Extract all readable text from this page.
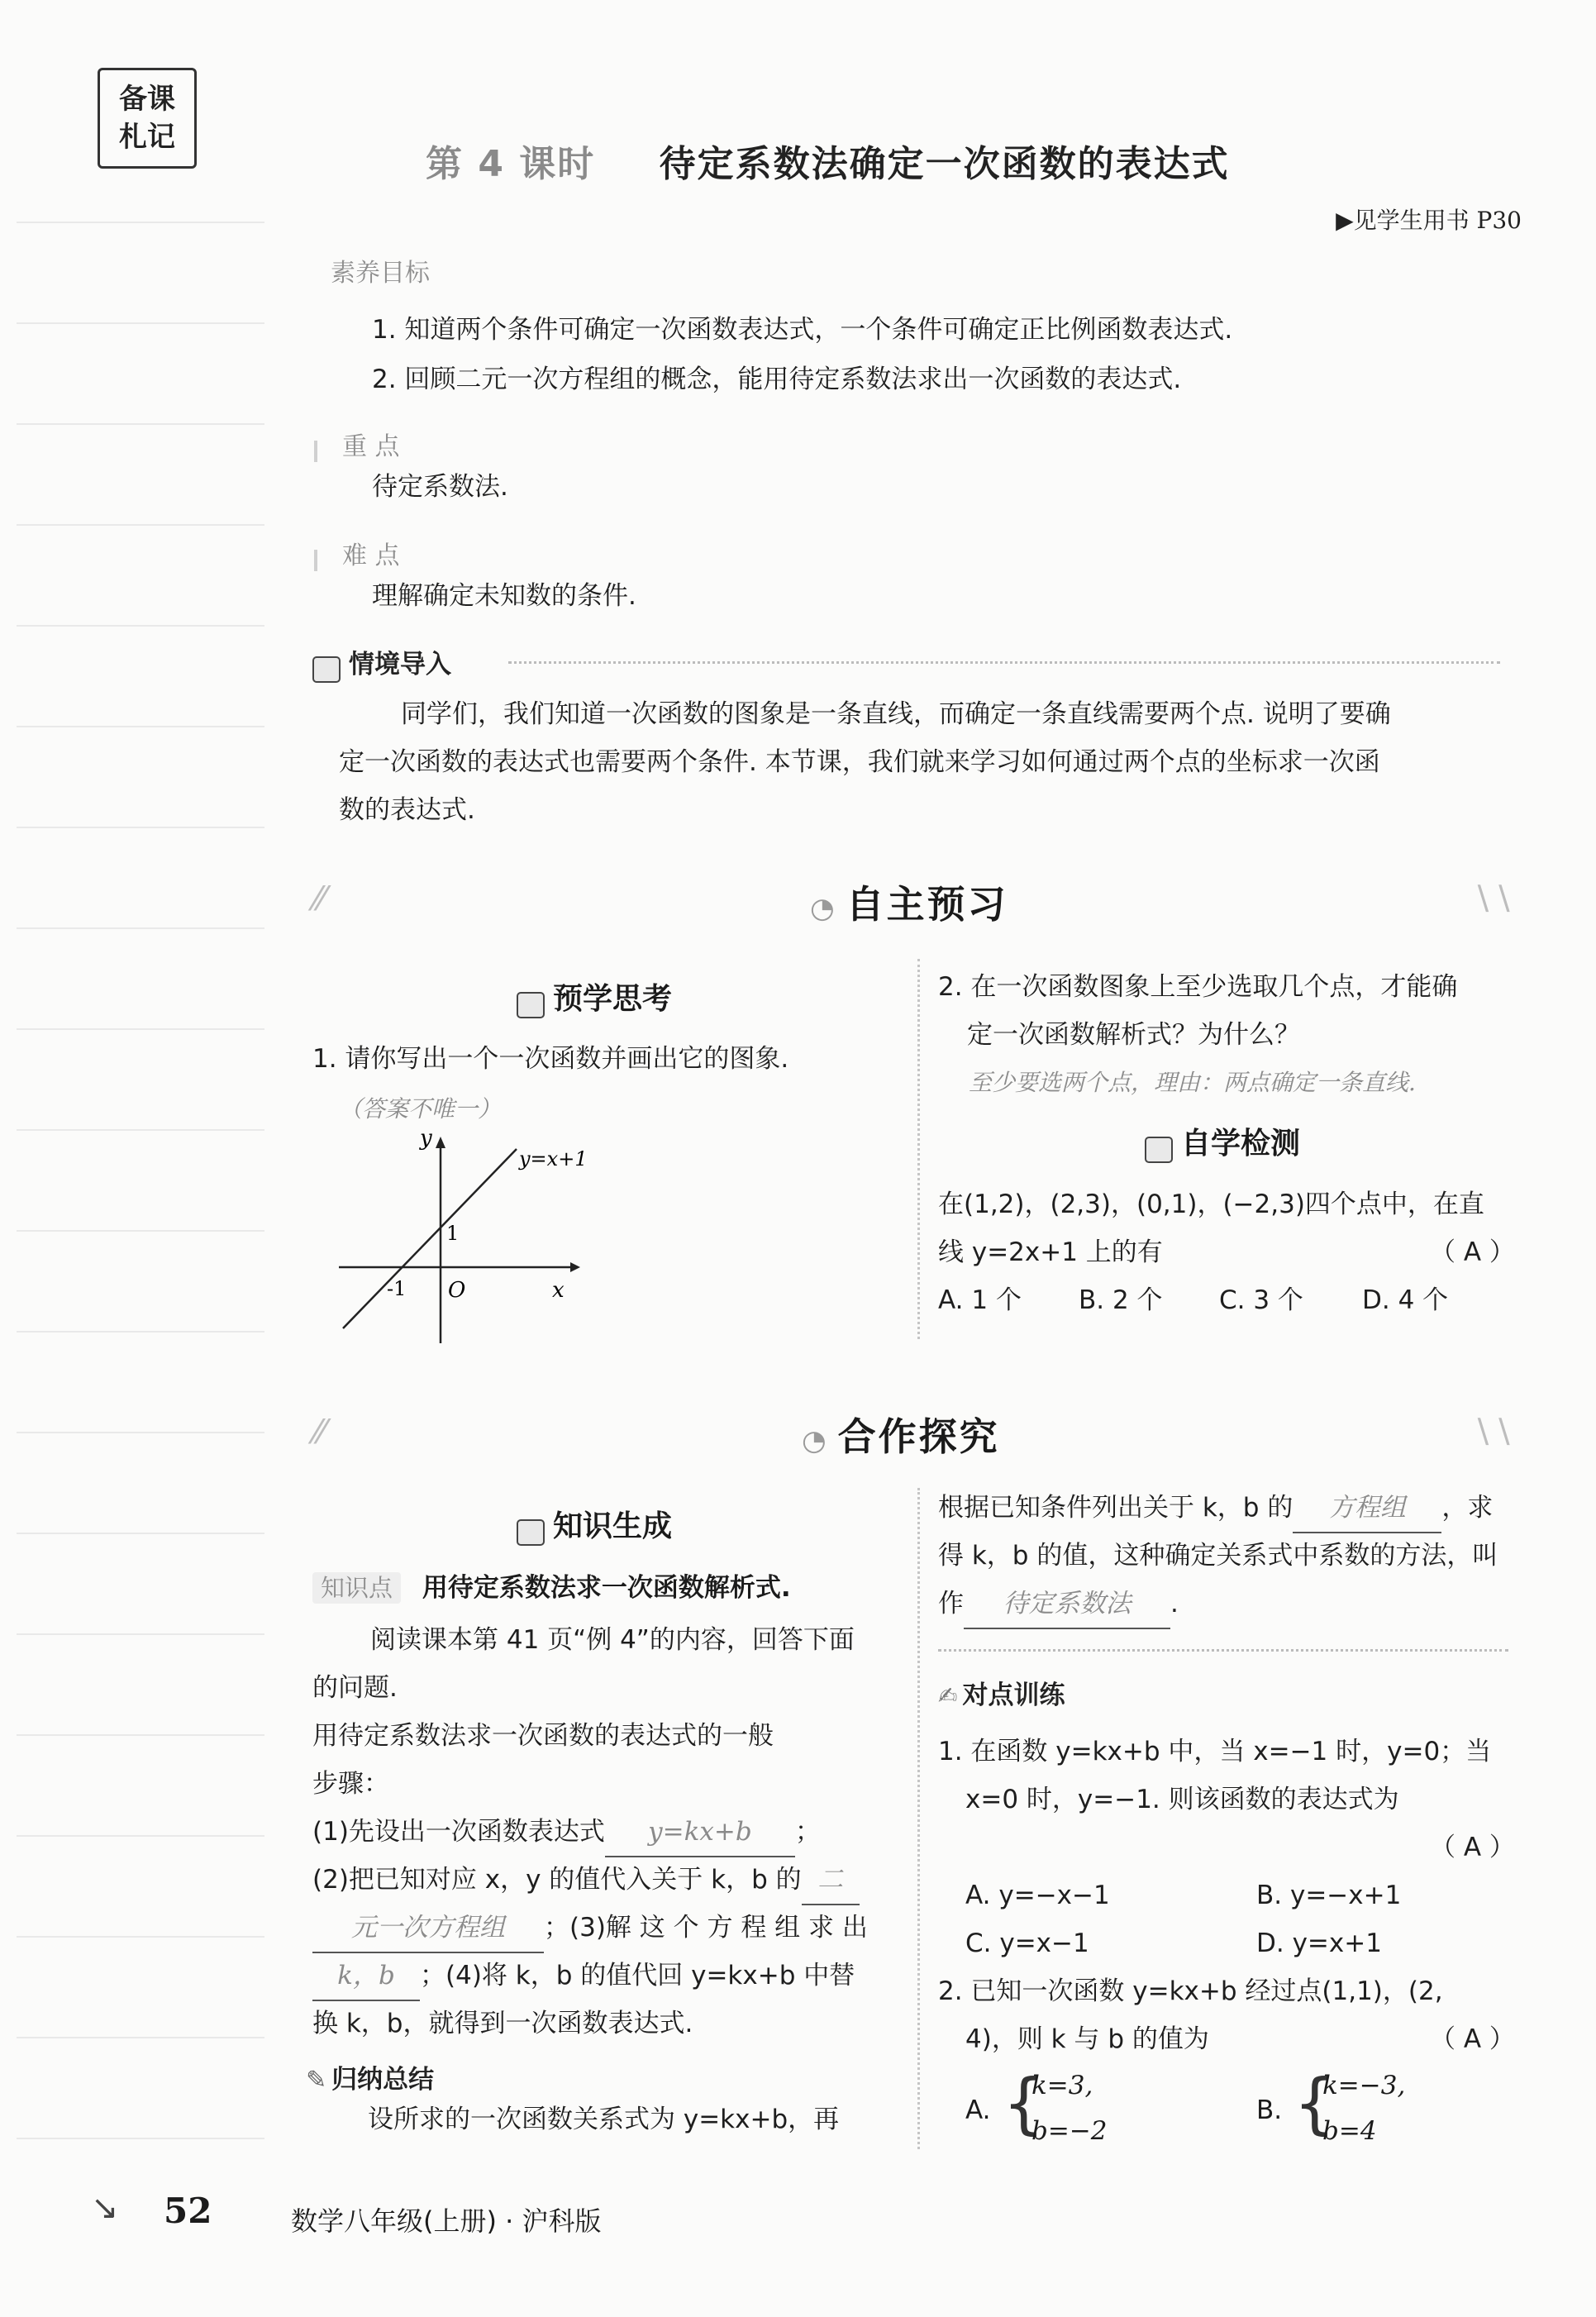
备课
札记
第 4 课时 待定系数法确定一次函数的表达式
▶见学生用书 P30
素养目标
1. 知道两个条件可确定一次函数表达式，一个条件可确定正比例函数表达式.
2. 回顾二元一次方程组的概念，能用待定系数法求出一次函数的表达式.
重 点
待定系数法.
难 点
理解确定未知数的条件.
情境导入
同学们，我们知道一次函数的图象是一条直线，而确定一条直线需要两个点. 说明了要确
定一次函数的表达式也需要两个条件. 本节课，我们就来学习如何通过两个点的坐标求一次函
数的表达式.
⁄⁄	◔ 自主预习	∖∖
预学思考
1. 请你写出一个一次函数并画出它的图象.
（答案不唯一）
y
x
y=x+1
O
1
-1
2. 在一次函数图象上至少选取几个点，才能确
定一次函数解析式？为什么？
至少要选两个点，理由：两点确定一条直线.
自学检测
在(1,2)，(2,3)，(0,1)，(−2,3)四个点中，在直
线 y=2x+1 上的有	（ A ）
A. 1 个 B. 2 个 C. 3 个 D. 4 个
⁄⁄	◔ 合作探究	∖∖
知识生成
知识点 用待定系数法求一次函数解析式.
阅读课本第 41 页“例 4”的内容，回答下面
的问题.
用待定系数法求一次函数的表达式的一般
步骤：
(1)先设出一次函数表达式 y=kx+b ；
(2)把已知对应 x，y 的值代入关于 k，b 的 二
元一次方程组 ；(3)解 这 个 方 程 组 求 出
k，b ；(4)将 k，b 的值代回 y=kx+b 中替
换 k，b，就得到一次函数表达式.
✎ 归纳总结
设所求的一次函数关系式为 y=kx+b，再
根据已知条件列出关于 k，b 的 方程组 ，求
得 k，b 的值，这种确定关系式中系数的方法，叫
作 待定系数法 .
✍ 对点训练
1. 在函数 y=kx+b 中，当 x=−1 时，y=0；当
x=0 时，y=−1. 则该函数的表达式为
（ A ）
A. y=−x−1	B. y=−x+1
C. y=x−1	D. y=x+1
2. 已知一次函数 y=kx+b 经过点(1,1)，(2,
4)，则 k 与 b 的值为	（ A ）
A. {
k=3,
b=−2
B. {
k=−3,
b=4
↘ 52	数学八年级(上册) · 沪科版
